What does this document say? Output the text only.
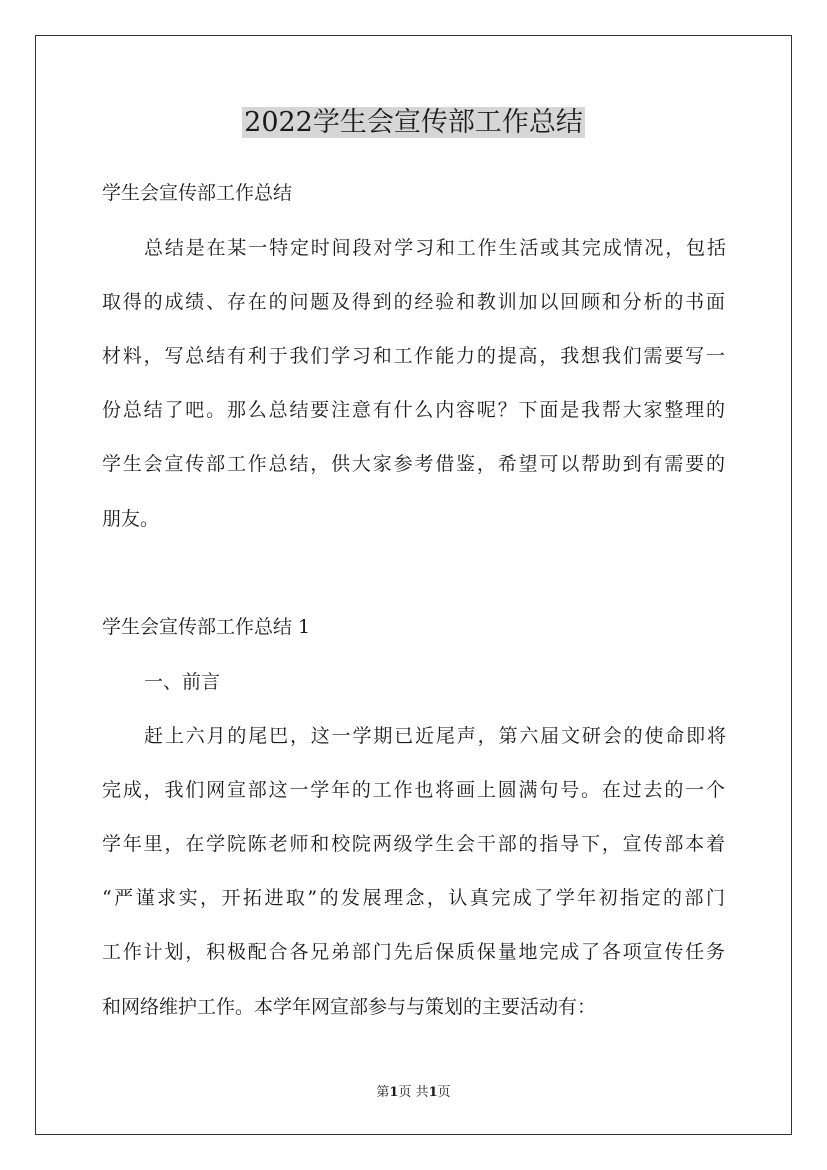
2022学生会宣传部工作总结

学生会宣传部工作总结

总结是在某一特定时间段对学习和工作生活或其完成情况，包括

取得的成绩、存在的问题及得到的经验和教训加以回顾和分析的书面

材料，写总结有利于我们学习和工作能力的提高，我想我们需要写一

份总结了吧。那么总结要注意有什么内容呢？下面是我帮大家整理的

学生会宣传部工作总结，供大家参考借鉴，希望可以帮助到有需要的

朋友。

学生会宣传部工作总结 1

一、前言

赶上六月的尾巴，这一学期已近尾声，第六届文研会的使命即将

完成，我们网宣部这一学年的工作也将画上圆满句号。在过去的一个

学年里，在学院陈老师和校院两级学生会干部的指导下，宣传部本着

“严谨求实，开拓进取”的发展理念，认真完成了学年初指定的部门

工作计划，积极配合各兄弟部门先后保质保量地完成了各项宣传任务

和网络维护工作。本学年网宣部参与与策划的主要活动有：

第1页 共1页
